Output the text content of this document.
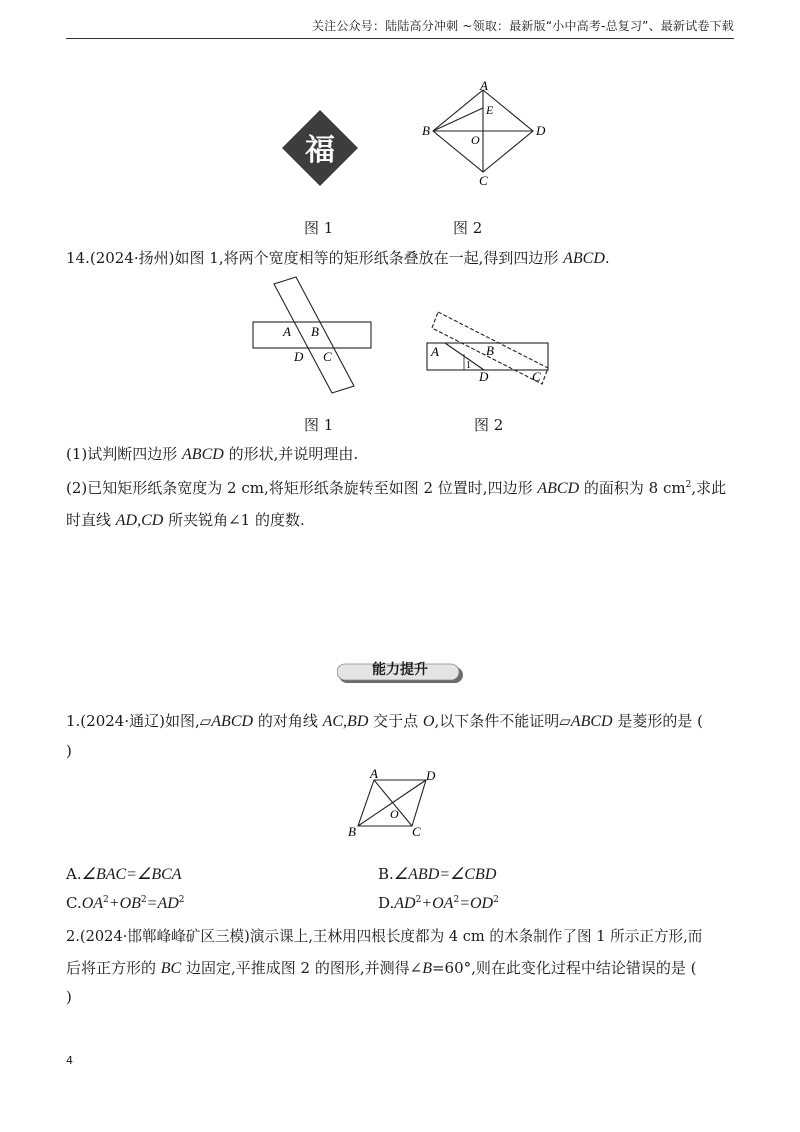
关注公众号：陆陆高分冲刺 ~领取：最新版“小中高考-总复习”、最新试卷下载
福
A
B
C
D
E
O
图 1	图 2
14.(2024·扬州)如图 1,将两个宽度相等的矩形纸条叠放在一起,得到四边形 ABCD.
A B
D C	A	B
D	C
1
图 1	图 2
(1)试判断四边形 ABCD 的形状,并说明理由.
(2)已知矩形纸条宽度为 2 cm,将矩形纸条旋转至如图 2 位置时,四边形 ABCD 的面积为 8 $cm^2$,求此
时直线 AD,CD 所夹锐角∠1 的度数.
能力提升
1.(2024·通辽)如图,▱ABCD 的对角线 AC,BD 交于点 O,以下条件不能证明▱ABCD 是菱形的是 (
)
A	D
B	C
O
A.∠BAC=∠BCA	B.∠ABD=∠CBD
$C.OA^2+OB^2=AD^2$	$D.AD^2+OA^2=OD^2$
2.(2024·邯郸峰峰矿区三模)演示课上,王林用四根长度都为 4 cm 的木条制作了图 1 所示正方形,而
后将正方形的 BC 边固定,平推成图 2 的图形,并测得∠B=60°,则在此变化过程中结论错误的是 (
)
4
